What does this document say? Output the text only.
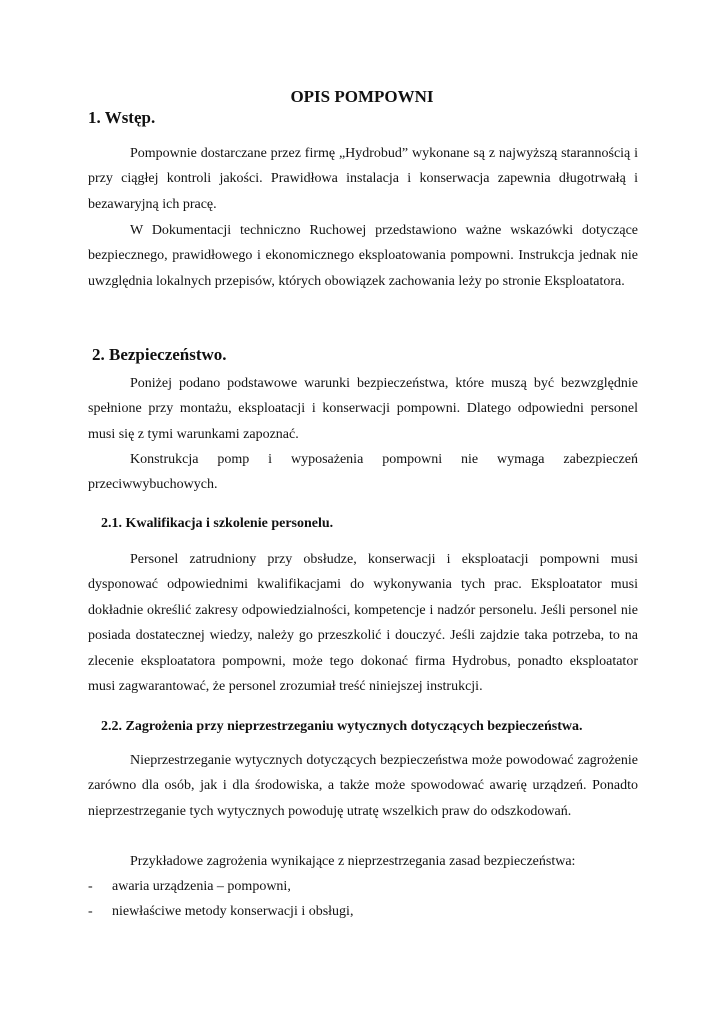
OPIS POMPOWNI
1. Wstęp.

Pompownie dostarczane przez firmę „Hydrobud” wykonane są z najwyższą starannością i przy ciągłej kontroli jakości. Prawidłowa instalacja i konserwacja zapewnia długotrwałą i bezawaryjną ich pracę.

W Dokumentacji techniczno Ruchowej przedstawiono ważne wskazówki dotyczące bezpiecznego, prawidłowego i ekonomicznego eksploatowania pompowni. Instrukcja jednak nie uwzględnia lokalnych przepisów, których obowiązek zachowania leży po stronie Eksploatatora.

2. Bezpieczeństwo.

Poniżej podano podstawowe warunki bezpieczeństwa, które muszą być bezwzględnie spełnione przy montażu, eksploatacji i konserwacji pompowni. Dlatego odpowiedni personel musi się z tymi warunkami zapoznać.

Konstrukcja pomp i wyposażenia pompowni nie wymaga zabezpieczeń przeciwwybuchowych.

2.1. Kwalifikacja i szkolenie personelu.

Personel zatrudniony przy obsłudze, konserwacji i eksploatacji pompowni musi dysponować odpowiednimi kwalifikacjami do wykonywania tych prac. Eksploatator musi dokładnie określić zakresy odpowiedzialności, kompetencje i nadzór personelu. Jeśli personel nie posiada dostatecznej wiedzy, należy go przeszkolić i douczyć. Jeśli zajdzie taka potrzeba, to na zlecenie eksploatatora pompowni, może tego dokonać firma Hydrobus, ponadto eksploatator musi zagwarantować, że personel zrozumiał treść niniejszej instrukcji.

2.2. Zagrożenia przy nieprzestrzeganiu wytycznych dotyczących bezpieczeństwa.

Nieprzestrzeganie wytycznych dotyczących bezpieczeństwa może powodować zagrożenie zarówno dla osób, jak i dla środowiska, a także może spowodować awarię urządzeń. Ponadto nieprzestrzeganie tych wytycznych powoduję utratę wszelkich praw do odszkodowań.

Przykładowe zagrożenia wynikające z nieprzestrzegania zasad bezpieczeństwa:

- awaria urządzenia – pompowni,

- niewłaściwe metody konserwacji i obsługi,
